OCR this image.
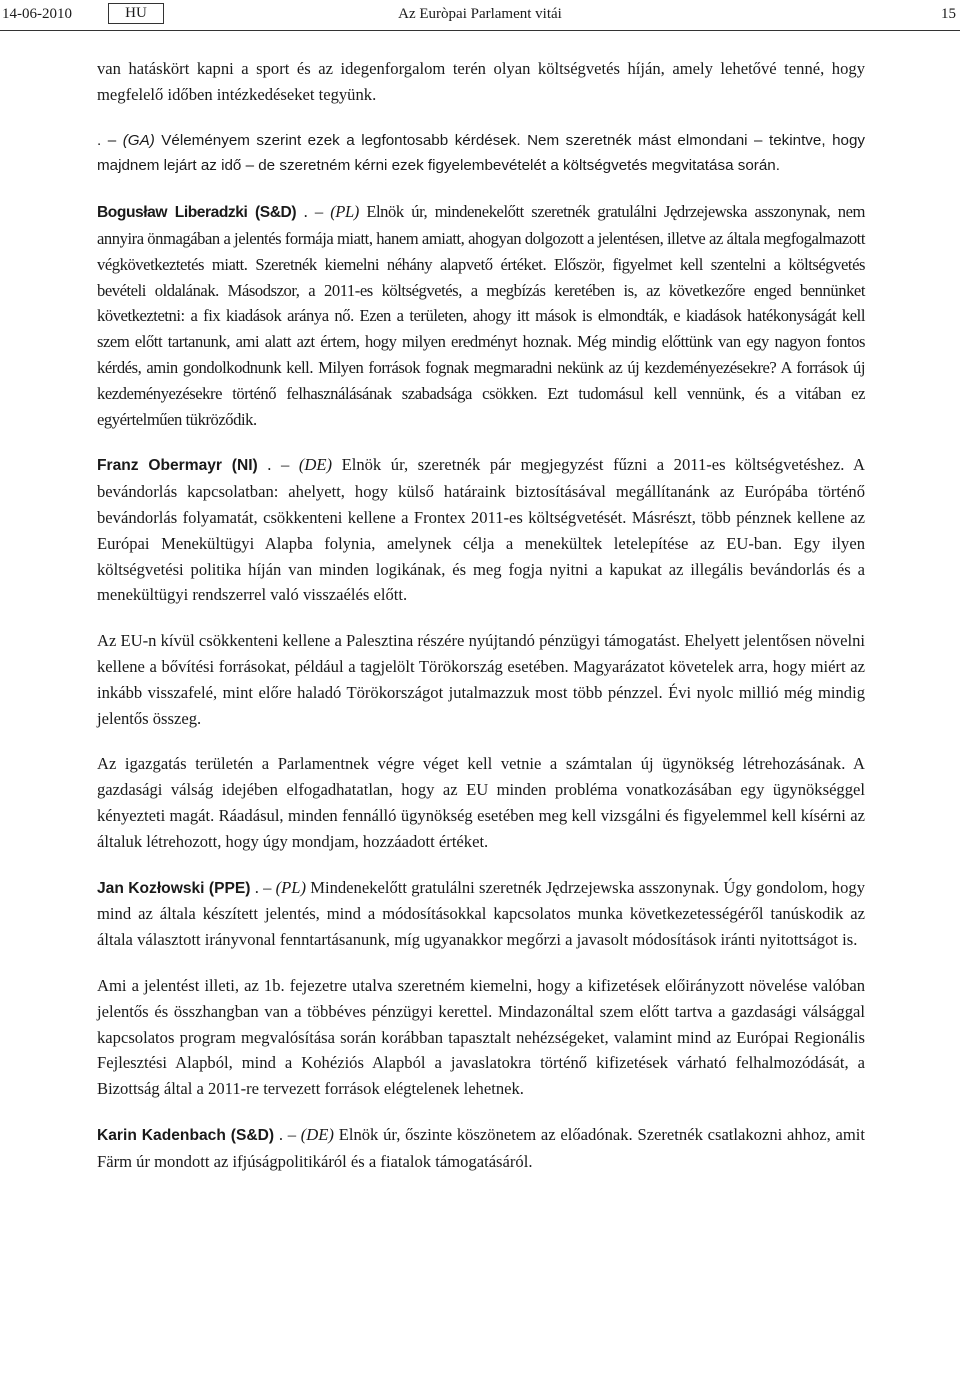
14-06-2010	HU	Az Euròpai Parlament vitái	15

van hatáskört kapni a sport és az idegenforgalom terén olyan költségvetés híján, amely lehetővé tenné, hogy megfelelő időben intézkedéseket tegyünk.

. – (GA) Véleményem szerint ezek a legfontosabb kérdések. Nem szeretnék mást elmondani – tekintve, hogy majdnem lejárt az idő – de szeretném kérni ezek figyelembevételét a költségvetés megvitatása során.

Bogusław Liberadzki (S&D) . – (PL) Elnök úr, mindenekelőtt szeretnék gratulálni Jędrzejewska asszonynak, nem annyira önmagában a jelentés formája miatt, hanem amiatt, ahogyan dolgozott a jelentésen, illetve az általa megfogalmazott végkövetkeztetés miatt. Szeretnék kiemelni néhány alapvető értéket. Először, figyelmet kell szentelni a költségvetés bevételi oldalának. Másodszor, a 2011-es költségvetés, a megbízás keretében is, az következőre enged bennünket következtetni: a fix kiadások aránya nő. Ezen a területen, ahogy itt mások is elmondták, e kiadások hatékonyságát kell szem előtt tartanunk, ami alatt azt értem, hogy milyen eredményt hoznak. Még mindig előttünk van egy nagyon fontos kérdés, amin gondolkodnunk kell. Milyen források fognak megmaradni nekünk az új kezdeményezésekre? A források új kezdeményezésekre történő felhasználásának szabadsága csökken. Ezt tudomásul kell vennünk, és a vitában ez egyértelműen tükröződik.

Franz Obermayr (NI) . – (DE) Elnök úr, szeretnék pár megjegyzést fűzni a 2011-es költségvetéshez. A bevándorlás kapcsolatban: ahelyett, hogy külső határaink biztosításával megállítanánk az Európába történő bevándorlás folyamatát, csökkenteni kellene a Frontex 2011-es költségvetését. Másrészt, több pénznek kellene az Európai Menekültügyi Alapba folynia, amelynek célja a menekültek letelepítése az EU-ban. Egy ilyen költségvetési politika híján van minden logikának, és meg fogja nyitni a kapukat az illegális bevándorlás és a menekültügyi rendszerrel való visszaélés előtt.

Az EU-n kívül csökkenteni kellene a Palesztina részére nyújtandó pénzügyi támogatást. Ehelyett jelentősen növelni kellene a bővítési forrásokat, például a tagjelölt Törökország esetében. Magyarázatot követelek arra, hogy miért az inkább visszafelé, mint előre haladó Törökországot jutalmazzuk most több pénzzel. Évi nyolc millió még mindig jelentős összeg.

Az igazgatás területén a Parlamentnek végre véget kell vetnie a számtalan új ügynökség létrehozásának. A gazdasági válság idejében elfogadhatatlan, hogy az EU minden probléma vonatkozásában egy ügynökséggel kényezteti magát. Ráadásul, minden fennálló ügynökség esetében meg kell vizsgálni és figyelemmel kell kísérni az általuk létrehozott, hogy úgy mondjam, hozzáadott értéket.

Jan Kozłowski (PPE) . – (PL) Mindenekelőtt gratulálni szeretnék Jędrzejewska asszonynak. Úgy gondolom, hogy mind az általa készített jelentés, mind a módosításokkal kapcsolatos munka következetességéről tanúskodik az általa választott irányvonal fenntartásanunk, míg ugyanakkor megőrzi a javasolt módosítások iránti nyitottságot is.

Ami a jelentést illeti, az 1b. fejezetre utalva szeretném kiemelni, hogy a kifizetések előirányzott növelése valóban jelentős és összhangban van a többéves pénzügyi kerettel. Mindazonáltal szem előtt tartva a gazdasági válsággal kapcsolatos program megvalósítása során korábban tapasztalt nehézségeket, valamint mind az Európai Regionális Fejlesztési Alapból, mind a Kohéziós Alapból a javaslatokra történő kifizetések várható felhalmozódását, a Bizottság által a 2011-re tervezett források elégtelenek lehetnek.

Karin Kadenbach (S&D) . – (DE) Elnök úr, őszinte köszönetem az előadónak. Szeretnék csatlakozni ahhoz, amit Färm úr mondott az ifjúságpolitikáról és a fiatalok támogatásáról.
